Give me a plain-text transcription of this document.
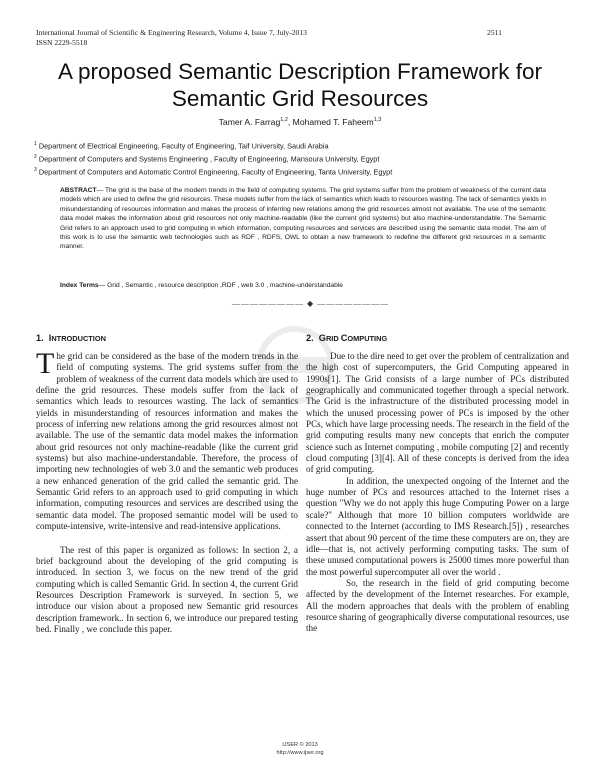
International Journal of Scientific & Engineering Research, Volume 4, Issue 7, July-2013
ISSN 2229-5518
2511
A proposed Semantic Description Framework for
Semantic Grid Resources
Tamer A. Farrag$^{1,2}$, Mohamed T. Faheem$^{1,3}$
$^1$ Department of Electrical Engineering, Faculty of Engineering, Taif University, Saudi Arabia
$^2$ Department of Computers and Systems Engineering , Faculty of Engineering, Mansoura University, Egypt
$^3$ Department of Computers and Automatic Control Engineering, Faculty of Engineering, Tanta University, Egypt
ABSTRACT— The grid is the base of the modern trends in the field of computing systems. The grid systems suffer from the problem of weakness of the current data models which are used to define the grid resources. These models suffer from the lack of semantics which leads to resources wasting. The lack of semantics yields in misunderstanding of resources information and makes the process of inferring new relations among the grid resources almost not available. The use of the semantic data model makes the information about grid resources not only machine-readable (like the current grid systems) but also machine-understandable. The Semantic Grid refers to an approach used to grid computing in which information, computing resources and services are described using the semantic data model. The aim of this work is to use the semantic web technologies such as RDF , RDFS, OWL to obtain a new framework to redefine the different grid resources in a semantic manner.
Index Terms— Grid , Semantic , resource description ,RDF , web 3.0 , machine-understandable
———————— ◆ ————————
1. INTRODUCTION	2. GRID COMPUTING

The grid can be considered as the base of the modern trends in the field of computing systems. The grid systems suffer from the problem of weakness of the current data models which are used to define the grid resources. These models suffer from the lack of semantics which leads to resources wasting. The lack of semantics yields in misunderstanding of resources information and makes the process of inferring new relations among the grid resources almost not available. The use of the semantic data model makes the information about grid resources not only machine-readable (like the current grid systems) but also machine-understandable. Therefore, the process of importing new technologies of web 3.0 and the semantic web produces a new enhanced generation of the grid called the semantic grid. The Semantic Grid refers to an approach used to grid computing in which information, computing resources and services are described using the semantic data model. The proposed semantic model will be used to compute-intensive, write-intensive and read-intensive applications.

The rest of this paper is organized as follows: In section 2, a brief background about the developing of the grid computing is introduced. In section 3, we focus on the new trend of the grid computing which is called Semantic Grid. In section 4, the current Grid Resources Description Framework is surveyed. In section 5, we introduce our vision about a proposed new Semantic grid resources description framework.. In section 6, we introduce our prepared testing bed. Finally , we conclude this paper.

Due to the dire need to get over the problem of centralization and the high cost of supercomputers, the Grid Computing appeared in 1990s[1]. The Grid consists of a large number of PCs distributed geographically and communicated together through a special network. The Grid is the infrastructure of the distributed processing model in which the unused processing power of PCs is imposed by the other PCs, which have large processing needs. The research in the field of the grid computing results many new concepts that enrich the computer science such as Internet computing , mobile computing [2] and recently cloud computing [3][4]. All of these concepts is derived from the idea of grid computing.

In addition, the unexpected ongoing of the Internet and the huge number of PCs and resources attached to the Internet rises a question "Why we do not apply this huge Computing Power on a large scale?" Although that more 10 billion computers worldwide are connected to the Internet (according to IMS Research.[5]) , researches assert that about 90 percent of the time these computers are on, they are idle—that is, not actively performing computing tasks. The sum of these unused computational powers is 25000 times more powerful than the most powerful supercomputer all over the world .

So, the research in the field of grid computing become affected by the development of the Internet researches. For example, All the modern approaches that deals with the problem of enabling resource sharing of geographically diverse computational resources, use the

IJSER © 2013
http://www.ijser.org
